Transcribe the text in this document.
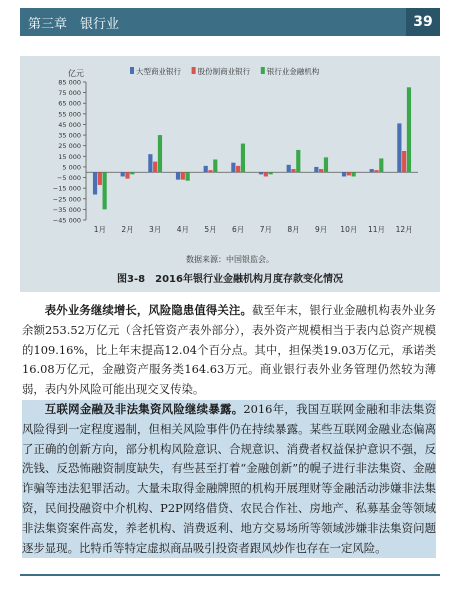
第三章　银行业	39
亿元
−45 000
−35 000
−25 000
−15 000
−5 000
5 000
15 000
25 000
35 000
45 000
55 000
65 000
75 000
85 000
1月 2月 3月 4月 5月 6月 7月 8月 9月 10月 11月 12月
大型商业银行 股份制商业银行 银行业金融机构
数据来源：中国银监会。
图3-8　2016年银行业金融机构月度存款变化情况

表外业务继续增长，风险隐患值得关注。截至年末，银行业金融机构表外业务余额253.52万亿元（含托管资产表外部分），表外资产规模相当于表内总资产规模的109.16%，比上年末提高12.04个百分点。其中，担保类19.03万亿元，承诺类16.08万亿元，金融资产服务类164.63万元。商业银行表外业务管理仍然较为薄弱，表内外风险可能出现交叉传染。

互联网金融及非法集资风险继续暴露。2016年，我国互联网金融和非法集资风险得到一定程度遏制，但相关风险事件仍在持续暴露。某些互联网金融业态偏离了正确的创新方向，部分机构风险意识、合规意识、消费者权益保护意识不强，反洗钱、反恐怖融资制度缺失，有些甚至打着“金融创新”的幌子进行非法集资、金融诈骗等违法犯罪活动。大量未取得金融牌照的机构开展理财等金融活动涉嫌非法集资，民间投融资中介机构、P2P网络借贷、农民合作社、房地产、私募基金等领域非法集资案件高发，养老机构、消费返利、地方交易场所等领域涉嫌非法集资问题逐步显现。比特币等特定虚拟商品吸引投资者跟风炒作也存在一定风险。
